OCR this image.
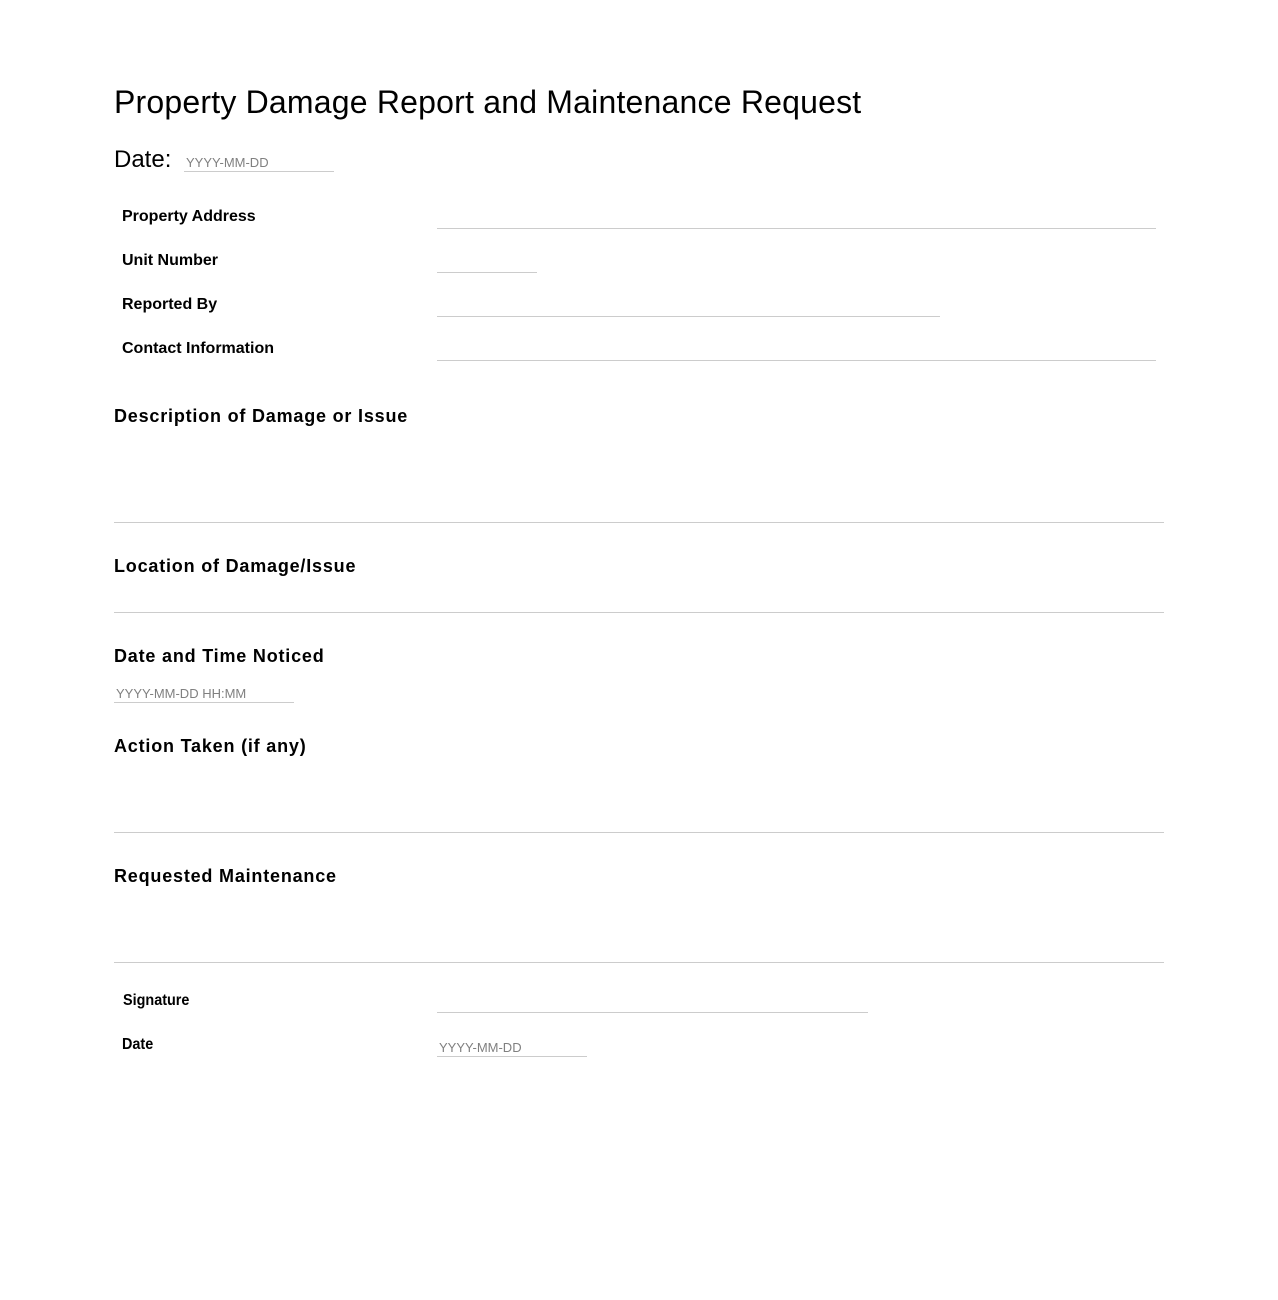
Property Damage Report and Maintenance Request
Date:
YYYY-MM-DD
Property Address
Unit Number
Reported By
Contact Information
Description of Damage or Issue
Location of Damage/Issue
Date and Time Noticed
YYYY-MM-DD HH:MM
Action Taken (if any)
Requested Maintenance
Signature
Date
YYYY-MM-DD
